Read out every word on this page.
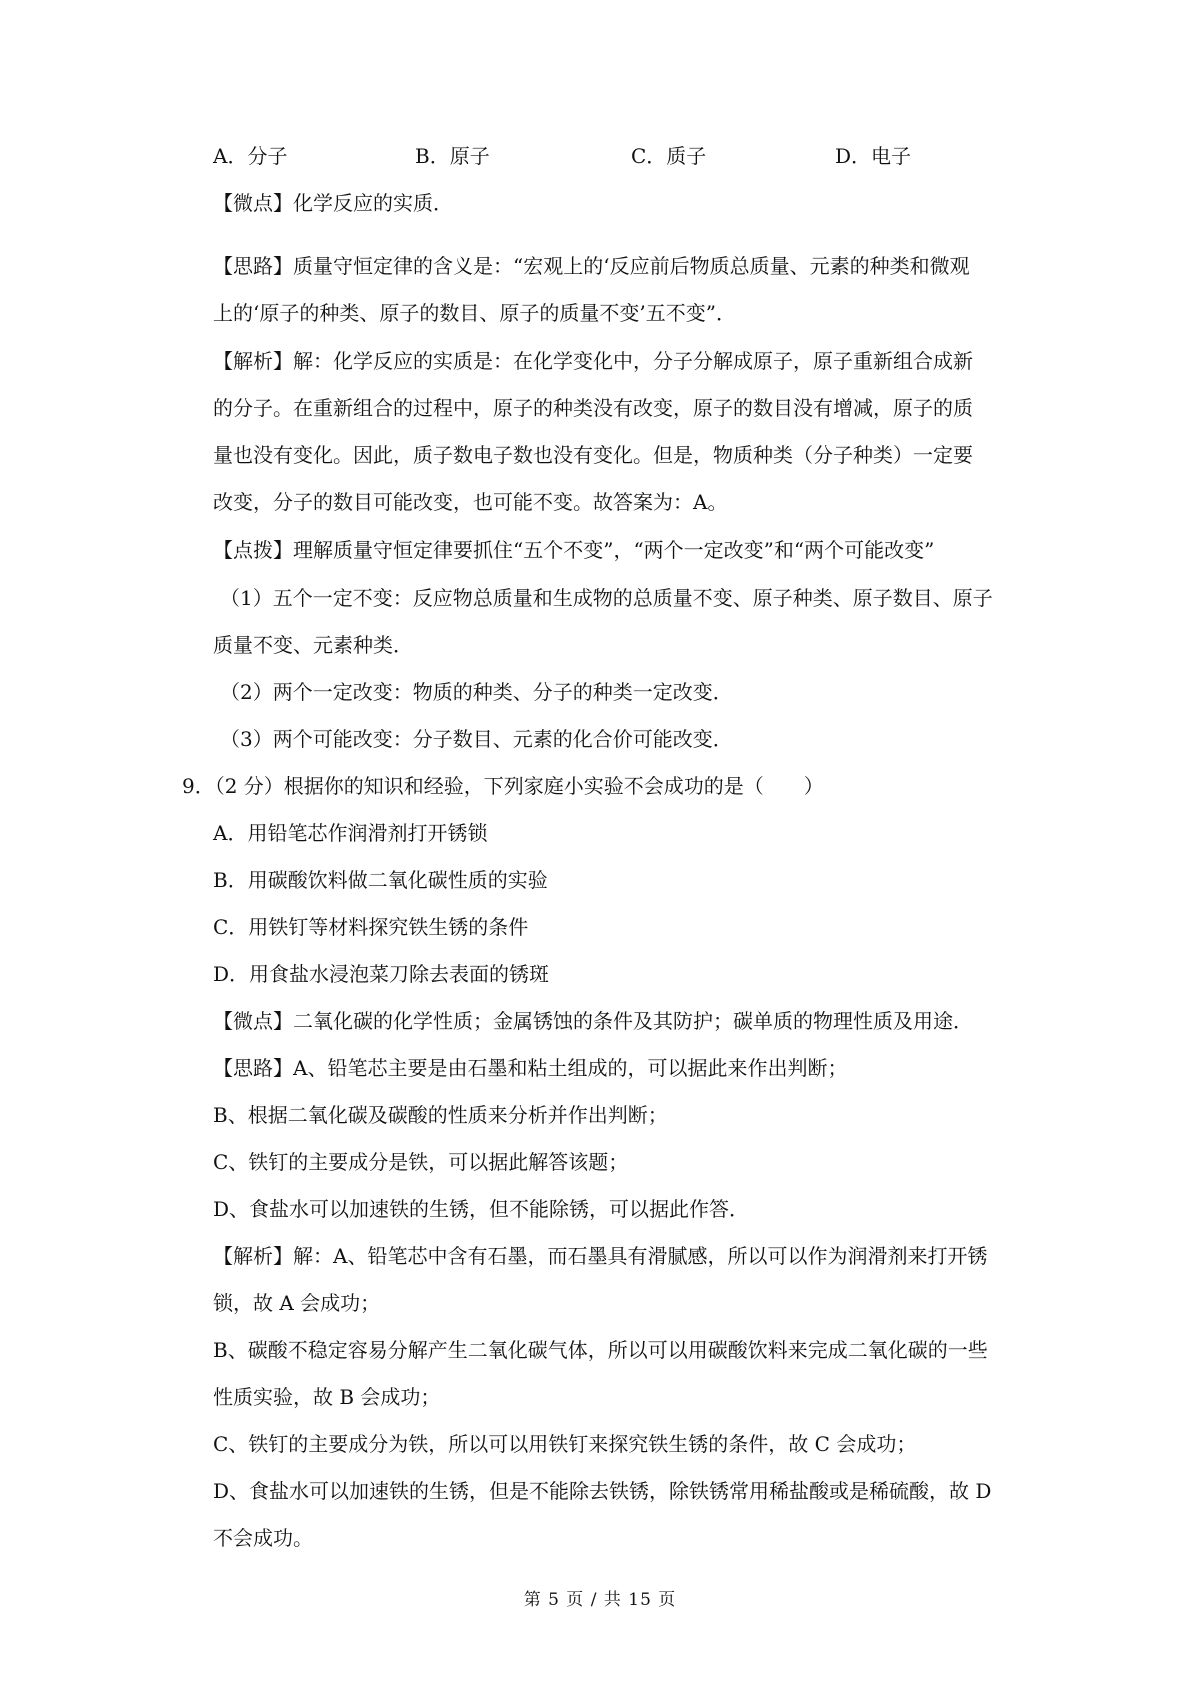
A．分子	B．原子	C．质子	D．电子
【微点】化学反应的实质．
【思路】质量守恒定律的含义是：“宏观上的‘反应前后物质总质量、元素的种类和微观
上的‘原子的种类、原子的数目、原子的质量不变’五不变”．
【解析】解：化学反应的实质是：在化学变化中，分子分解成原子，原子重新组合成新
的分子。在重新组合的过程中，原子的种类没有改变，原子的数目没有增减，原子的质
量也没有变化。因此，质子数电子数也没有变化。但是，物质种类（分子种类）一定要
改变，分子的数目可能改变，也可能不变。故答案为：A。
【点拨】理解质量守恒定律要抓住“五个不变”，“两个一定改变”和“两个可能改变”
（1）五个一定不变：反应物总质量和生成物的总质量不变、原子种类、原子数目、原子
质量不变、元素种类．
（2）两个一定改变：物质的种类、分子的种类一定改变．
（3）两个可能改变：分子数目、元素的化合价可能改变．
9．（2 分）根据你的知识和经验，下列家庭小实验不会成功的是（　　）
A．用铅笔芯作润滑剂打开锈锁
B．用碳酸饮料做二氧化碳性质的实验
C．用铁钉等材料探究铁生锈的条件
D．用食盐水浸泡菜刀除去表面的锈斑
【微点】二氧化碳的化学性质；金属锈蚀的条件及其防护；碳单质的物理性质及用途．
【思路】A、铅笔芯主要是由石墨和粘土组成的，可以据此来作出判断；
B、根据二氧化碳及碳酸的性质来分析并作出判断；
C、铁钉的主要成分是铁，可以据此解答该题；
D、食盐水可以加速铁的生锈，但不能除锈，可以据此作答．
【解析】解：A、铅笔芯中含有石墨，而石墨具有滑腻感，所以可以作为润滑剂来打开锈
锁，故 A 会成功；
B、碳酸不稳定容易分解产生二氧化碳气体，所以可以用碳酸饮料来完成二氧化碳的一些
性质实验，故 B 会成功；
C、铁钉的主要成分为铁，所以可以用铁钉来探究铁生锈的条件，故 C 会成功；
D、食盐水可以加速铁的生锈，但是不能除去铁锈，除铁锈常用稀盐酸或是稀硫酸，故 D
不会成功。
第 5 页 / 共 15 页
